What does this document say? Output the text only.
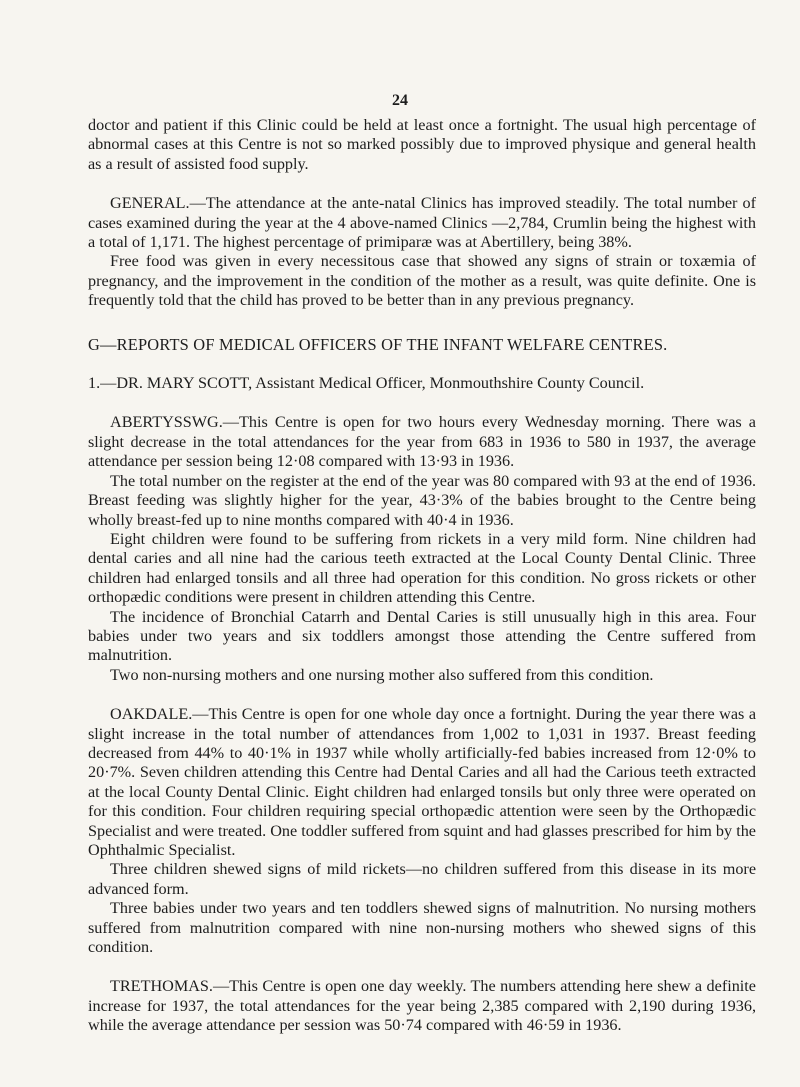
24

doctor and patient if this Clinic could be held at least once a fortnight. The usual high percentage of abnormal cases at this Centre is not so marked possibly due to improved physique and general health as a result of assisted food supply.

GENERAL.—The attendance at the ante-natal Clinics has improved steadily. The total number of cases examined during the year at the 4 above-named Clinics —2,784, Crumlin being the highest with a total of 1,171. The highest percentage of primiparæ was at Abertillery, being 38%.

Free food was given in every necessitous case that showed any signs of strain or toxæmia of pregnancy, and the improvement in the condition of the mother as a result, was quite definite. One is frequently told that the child has proved to be better than in any previous pregnancy.

G—REPORTS OF MEDICAL OFFICERS OF THE INFANT WELFARE CENTRES.

1.—DR. MARY SCOTT, Assistant Medical Officer, Monmouthshire County Council.

ABERTYSSWG.—This Centre is open for two hours every Wednesday morning. There was a slight decrease in the total attendances for the year from 683 in 1936 to 580 in 1937, the average attendance per session being 12·08 compared with 13·93 in 1936.

The total number on the register at the end of the year was 80 compared with 93 at the end of 1936. Breast feeding was slightly higher for the year, 43·3% of the babies brought to the Centre being wholly breast-fed up to nine months compared with 40·4 in 1936.

Eight children were found to be suffering from rickets in a very mild form. Nine children had dental caries and all nine had the carious teeth extracted at the Local County Dental Clinic. Three children had enlarged tonsils and all three had operation for this condition. No gross rickets or other orthopædic conditions were present in children attending this Centre.

The incidence of Bronchial Catarrh and Dental Caries is still unusually high in this area. Four babies under two years and six toddlers amongst those attending the Centre suffered from malnutrition.

Two non-nursing mothers and one nursing mother also suffered from this condition.

OAKDALE.—This Centre is open for one whole day once a fortnight. During the year there was a slight increase in the total number of attendances from 1,002 to 1,031 in 1937. Breast feeding decreased from 44% to 40·1% in 1937 while wholly artificially-fed babies increased from 12·0% to 20·7%. Seven children attending this Centre had Dental Caries and all had the Carious teeth extracted at the local County Dental Clinic. Eight children had enlarged tonsils but only three were operated on for this condition. Four children requiring special orthopædic attention were seen by the Orthopædic Specialist and were treated. One toddler suffered from squint and had glasses prescribed for him by the Ophthalmic Specialist.

Three children shewed signs of mild rickets—no children suffered from this disease in its more advanced form.

Three babies under two years and ten toddlers shewed signs of malnutrition. No nursing mothers suffered from malnutrition compared with nine non-nursing mothers who shewed signs of this condition.

TRETHOMAS.—This Centre is open one day weekly. The numbers attending here shew a definite increase for 1937, the total attendances for the year being 2,385 compared with 2,190 during 1936, while the average attendance per session was 50·74 compared with 46·59 in 1936.
